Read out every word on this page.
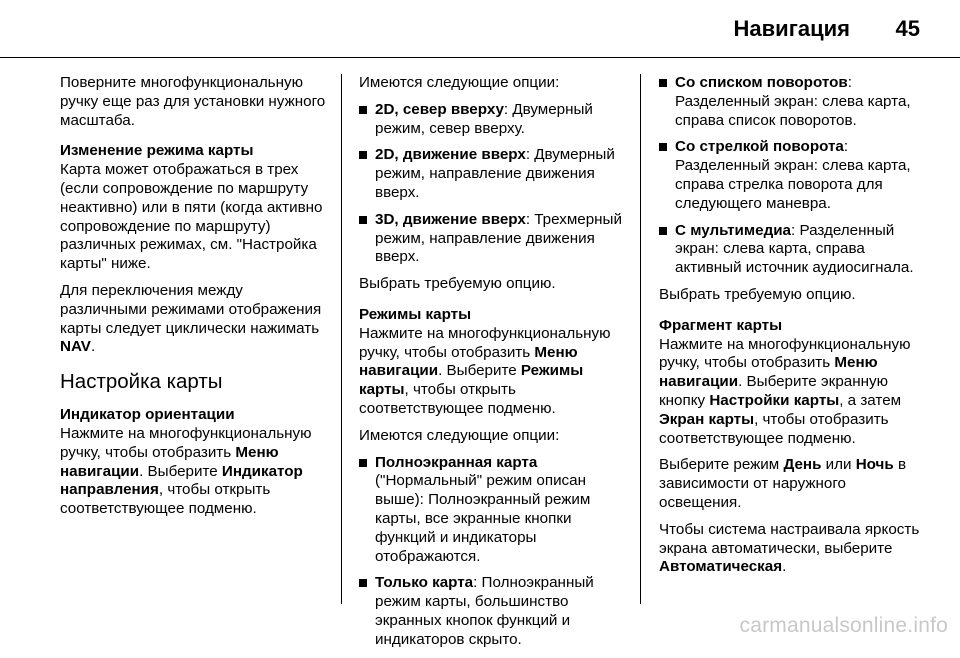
Навигация 45

Поверните многофункциональную ручку еще раз для установки нужного масштаба.

Изменение режима карты

Карта может отображаться в трех (если сопровождение по маршруту неактивно) или в пяти (когда активно сопровождение по маршруту) различных режимах, см. "Настройка карты" ниже.

Для переключения между различными режимами отображения карты следует циклически нажимать NAV.

Настройка карты
Индикатор ориентации

Нажмите на многофункциональную ручку, чтобы отобразить Меню навигации. Выберите Индикатор направления, чтобы открыть соответствующее подменю.

Имеются следующие опции:

2D, север вверху: Двумерный режим, север вверху.
2D, движение вверх: Двумерный режим, направление движения вверх.
3D, движение вверх: Трехмерный режим, направление движения вверх.

Выбрать требуемую опцию.

Режимы карты

Нажмите на многофункциональную ручку, чтобы отобразить Меню навигации. Выберите Режимы карты, чтобы открыть соответствующее подменю.

Имеются следующие опции:

Полноэкранная карта ("Нормальный" режим описан выше): Полноэкранный режим карты, все экранные кнопки функций и индикаторы отображаются.
Только карта: Полноэкранный режим карты, большинство экранных кнопок функций и индикаторов скрыто.
Со списком поворотов: Разделенный экран: слева карта, справа список поворотов.
Со стрелкой поворота: Разделенный экран: слева карта, справа стрелка поворота для следующего маневра.
С мультимедиа: Разделенный экран: слева карта, справа активный источник аудиосигнала.

Выбрать требуемую опцию.

Фрагмент карты

Нажмите на многофункциональную ручку, чтобы отобразить Меню навигации. Выберите экранную кнопку Настройки карты, а затем Экран карты, чтобы отобразить соответствующее подменю.

Выберите режим День или Ночь в зависимости от наружного освещения.

Чтобы система настраивала яркость экрана автоматически, выберите Автоматическая.

carmanualsonline.info
